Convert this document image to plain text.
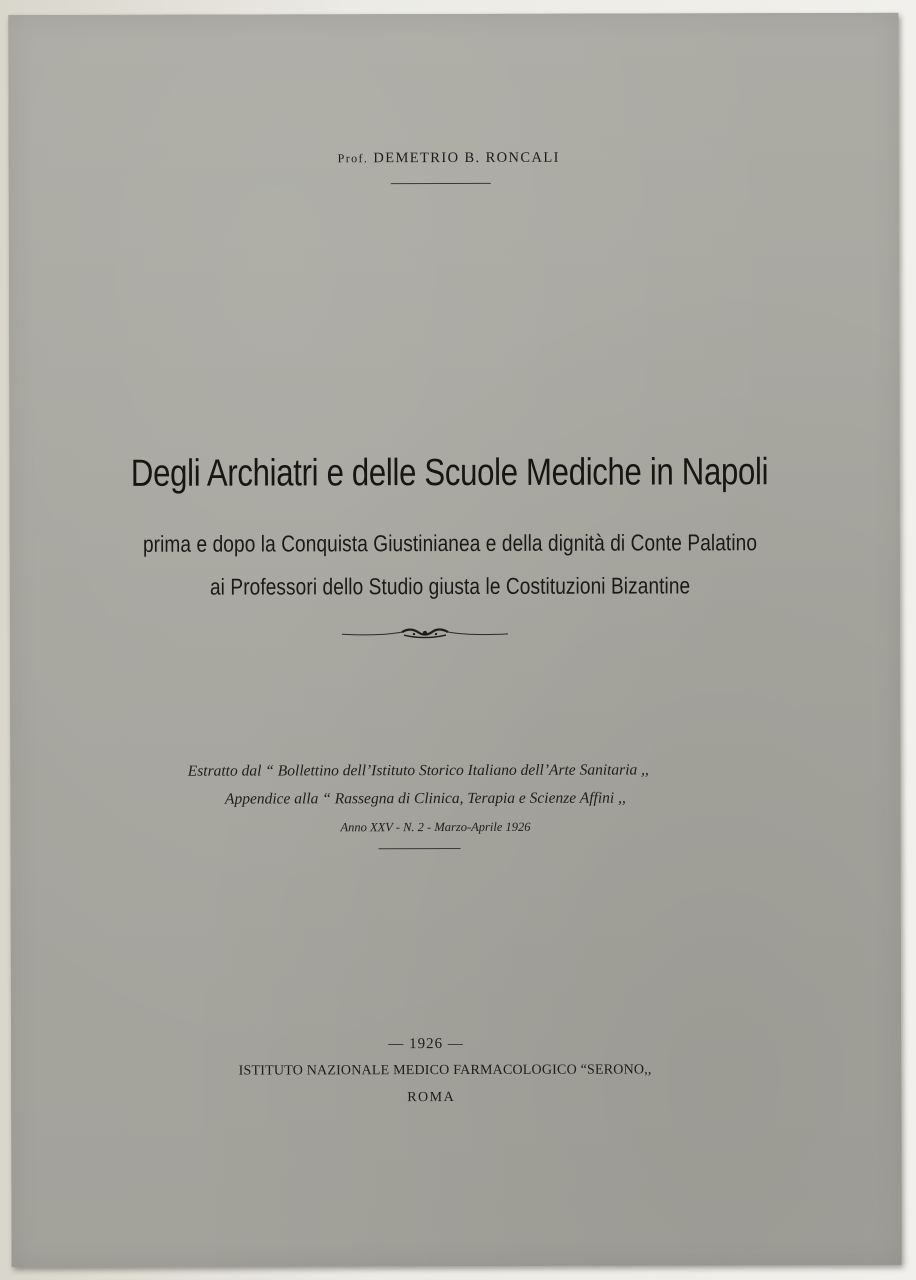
Prof. DEMETRIO B. RONCALI
Degli Archiatri e delle Scuole Mediche in Napoli
prima e dopo la Conquista Giustinianea e della dignità di Conte Palatino
ai Professori dello Studio giusta le Costituzioni Bizantine
Estratto dal “ Bollettino dell’Istituto Storico Italiano dell’Arte Sanitaria ,,
Appendice alla “ Rassegna di Clinica, Terapia e Scienze Affini ,,
Anno XXV - N. 2 - Marzo-Aprile 1926
— 1926 —
ISTITUTO NAZIONALE MEDICO FARMACOLOGICO “SERONO,,
ROMA
